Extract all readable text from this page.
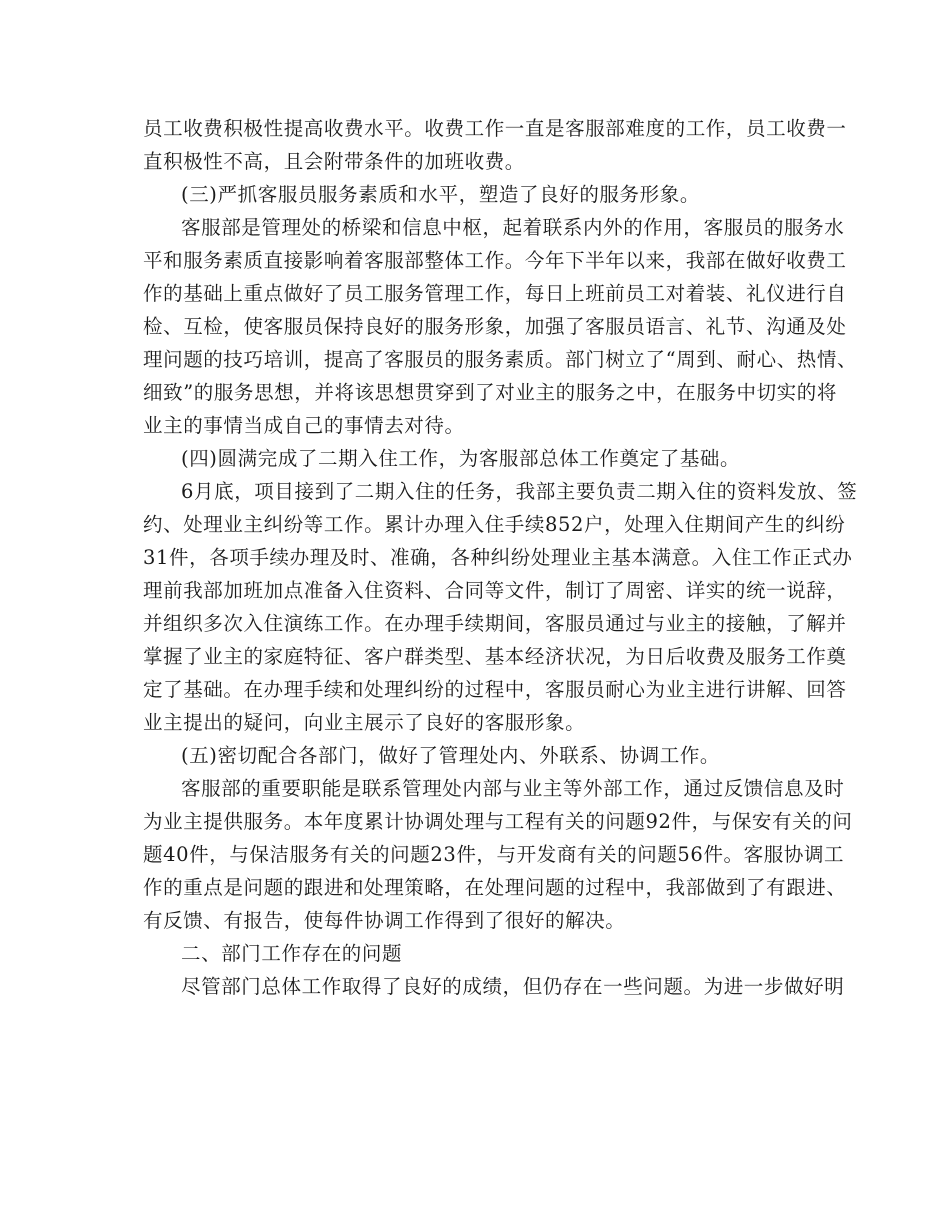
员工收费积极性提高收费水平。收费工作一直是客服部难度的工作，员工收费一
直积极性不高，且会附带条件的加班收费。
(三)严抓客服员服务素质和水平，塑造了良好的服务形象。
客服部是管理处的桥梁和信息中枢，起着联系内外的作用，客服员的服务水
平和服务素质直接影响着客服部整体工作。今年下半年以来，我部在做好收费工
作的基础上重点做好了员工服务管理工作，每日上班前员工对着装、礼仪进行自
检、互检，使客服员保持良好的服务形象，加强了客服员语言、礼节、沟通及处
理问题的技巧培训，提高了客服员的服务素质。部门树立了“周到、耐心、热情、
细致”的服务思想，并将该思想贯穿到了对业主的服务之中，在服务中切实的将
业主的事情当成自己的事情去对待。
(四)圆满完成了二期入住工作，为客服部总体工作奠定了基础。
6月底，项目接到了二期入住的任务，我部主要负责二期入住的资料发放、签
约、处理业主纠纷等工作。累计办理入住手续852户，处理入住期间产生的纠纷
31件，各项手续办理及时、准确，各种纠纷处理业主基本满意。入住工作正式办
理前我部加班加点准备入住资料、合同等文件，制订了周密、详实的统一说辞，
并组织多次入住演练工作。在办理手续期间，客服员通过与业主的接触，了解并
掌握了业主的家庭特征、客户群类型、基本经济状况，为日后收费及服务工作奠
定了基础。在办理手续和处理纠纷的过程中，客服员耐心为业主进行讲解、回答
业主提出的疑问，向业主展示了良好的客服形象。
(五)密切配合各部门，做好了管理处内、外联系、协调工作。
客服部的重要职能是联系管理处内部与业主等外部工作，通过反馈信息及时
为业主提供服务。本年度累计协调处理与工程有关的问题92件，与保安有关的问
题40件，与保洁服务有关的问题23件，与开发商有关的问题56件。客服协调工
作的重点是问题的跟进和处理策略，在处理问题的过程中，我部做到了有跟进、
有反馈、有报告，使每件协调工作得到了很好的解决。
二、部门工作存在的问题
尽管部门总体工作取得了良好的成绩，但仍存在一些问题。为进一步做好明
